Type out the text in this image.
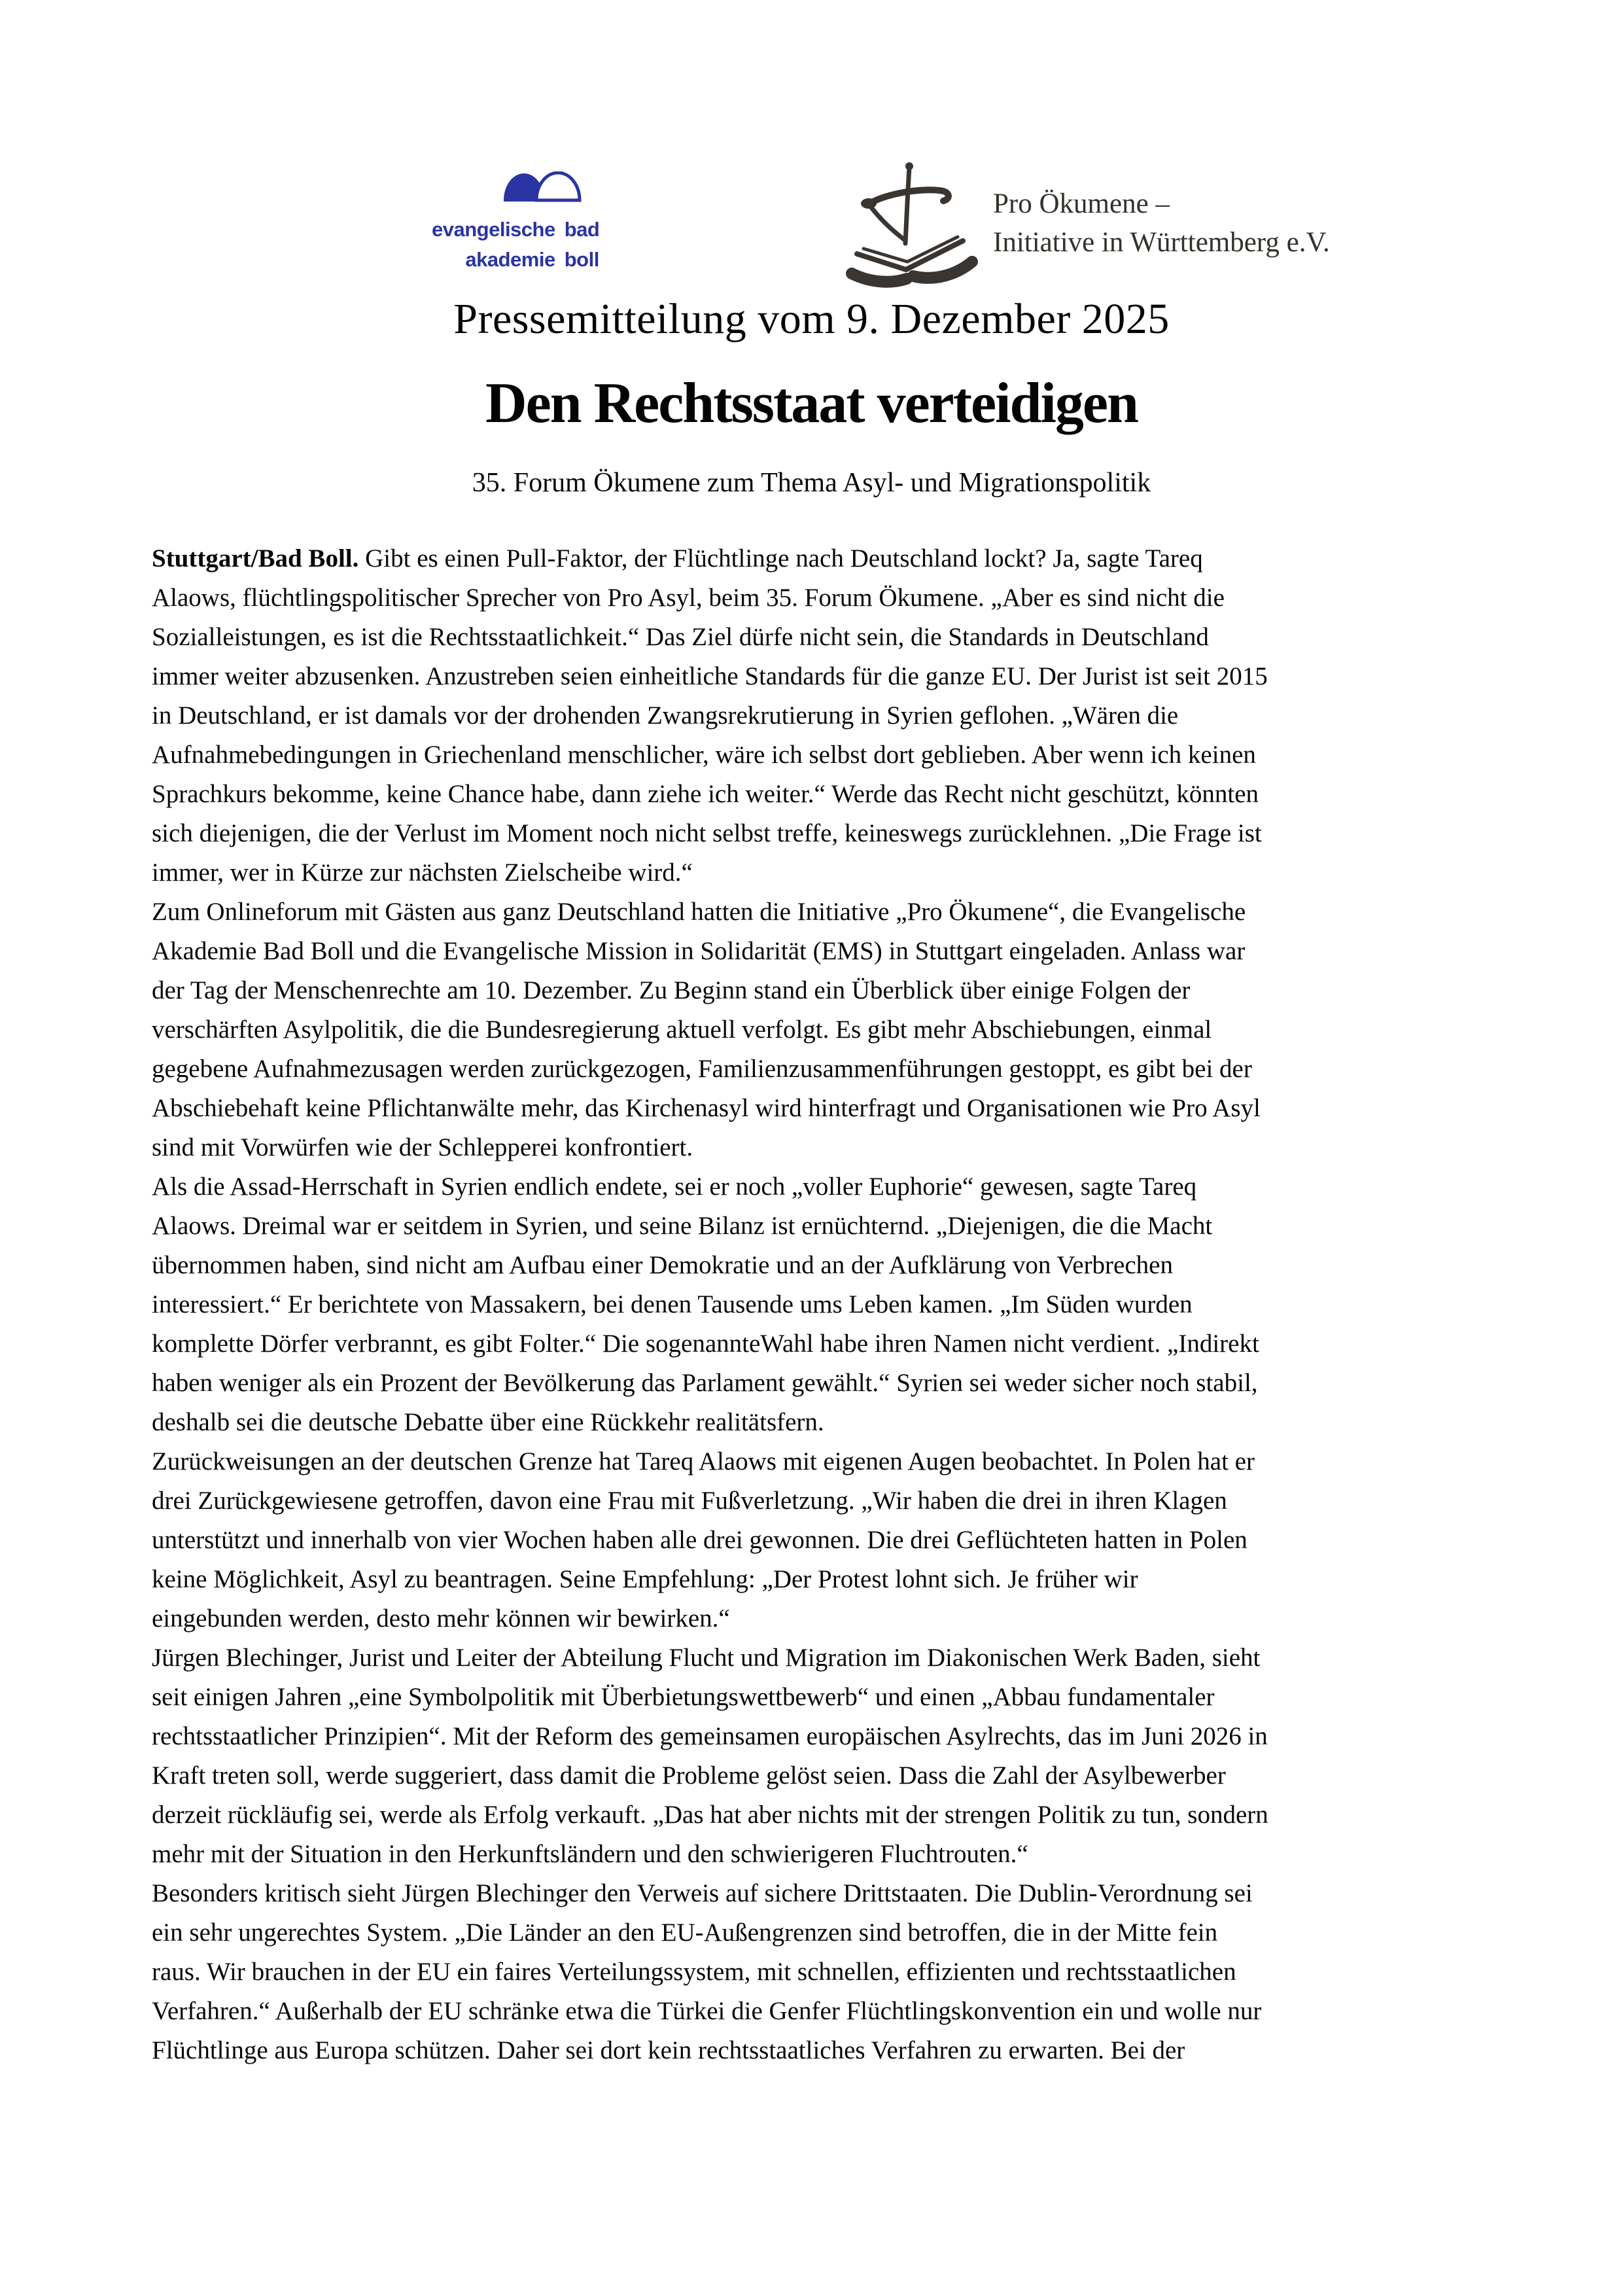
evangelische bad
akademie boll
Pro Ökumene –
Initiative in Württemberg e.V.
Pressemitteilung vom 9. Dezember 2025
Den Rechtsstaat verteidigen
35. Forum Ökumene zum Thema Asyl- und Migrationspolitik
Stuttgart/Bad Boll. Gibt es einen Pull-Faktor, der Flüchtlinge nach Deutschland lockt? Ja, sagte Tareq
Alaows, flüchtlingspolitischer Sprecher von Pro Asyl, beim 35. Forum Ökumene. „Aber es sind nicht die
Sozialleistungen, es ist die Rechtsstaatlichkeit.“ Das Ziel dürfe nicht sein, die Standards in Deutschland
immer weiter abzusenken. Anzustreben seien einheitliche Standards für die ganze EU. Der Jurist ist seit 2015
in Deutschland, er ist damals vor der drohenden Zwangsrekrutierung in Syrien geflohen. „Wären die
Aufnahmebedingungen in Griechenland menschlicher, wäre ich selbst dort geblieben. Aber wenn ich keinen
Sprachkurs bekomme, keine Chance habe, dann ziehe ich weiter.“ Werde das Recht nicht geschützt, könnten
sich diejenigen, die der Verlust im Moment noch nicht selbst treffe, keineswegs zurücklehnen. „Die Frage ist
immer, wer in Kürze zur nächsten Zielscheibe wird.“
Zum Onlineforum mit Gästen aus ganz Deutschland hatten die Initiative „Pro Ökumene“, die Evangelische
Akademie Bad Boll und die Evangelische Mission in Solidarität (EMS) in Stuttgart eingeladen. Anlass war
der Tag der Menschenrechte am 10. Dezember. Zu Beginn stand ein Überblick über einige Folgen der
verschärften Asylpolitik, die die Bundesregierung aktuell verfolgt. Es gibt mehr Abschiebungen, einmal
gegebene Aufnahmezusagen werden zurückgezogen, Familienzusammenführungen gestoppt, es gibt bei der
Abschiebehaft keine Pflichtanwälte mehr, das Kirchenasyl wird hinterfragt und Organisationen wie Pro Asyl
sind mit Vorwürfen wie der Schlepperei konfrontiert.
Als die Assad-Herrschaft in Syrien endlich endete, sei er noch „voller Euphorie“ gewesen, sagte Tareq
Alaows. Dreimal war er seitdem in Syrien, und seine Bilanz ist ernüchternd. „Diejenigen, die die Macht
übernommen haben, sind nicht am Aufbau einer Demokratie und an der Aufklärung von Verbrechen
interessiert.“ Er berichtete von Massakern, bei denen Tausende ums Leben kamen. „Im Süden wurden
komplette Dörfer verbrannt, es gibt Folter.“ Die sogenannteWahl habe ihren Namen nicht verdient. „Indirekt
haben weniger als ein Prozent der Bevölkerung das Parlament gewählt.“ Syrien sei weder sicher noch stabil,
deshalb sei die deutsche Debatte über eine Rückkehr realitätsfern.
Zurückweisungen an der deutschen Grenze hat Tareq Alaows mit eigenen Augen beobachtet. In Polen hat er
drei Zurückgewiesene getroffen, davon eine Frau mit Fußverletzung. „Wir haben die drei in ihren Klagen
unterstützt und innerhalb von vier Wochen haben alle drei gewonnen. Die drei Geflüchteten hatten in Polen
keine Möglichkeit, Asyl zu beantragen. Seine Empfehlung: „Der Protest lohnt sich. Je früher wir
eingebunden werden, desto mehr können wir bewirken.“
Jürgen Blechinger, Jurist und Leiter der Abteilung Flucht und Migration im Diakonischen Werk Baden, sieht
seit einigen Jahren „eine Symbolpolitik mit Überbietungswettbewerb“ und einen „Abbau fundamentaler
rechtsstaatlicher Prinzipien“. Mit der Reform des gemeinsamen europäischen Asylrechts, das im Juni 2026 in
Kraft treten soll, werde suggeriert, dass damit die Probleme gelöst seien. Dass die Zahl der Asylbewerber
derzeit rückläufig sei, werde als Erfolg verkauft. „Das hat aber nichts mit der strengen Politik zu tun, sondern
mehr mit der Situation in den Herkunftsländern und den schwierigeren Fluchtrouten.“
Besonders kritisch sieht Jürgen Blechinger den Verweis auf sichere Drittstaaten. Die Dublin-Verordnung sei
ein sehr ungerechtes System. „Die Länder an den EU-Außengrenzen sind betroffen, die in der Mitte fein
raus. Wir brauchen in der EU ein faires Verteilungssystem, mit schnellen, effizienten und rechtsstaatlichen
Verfahren.“ Außerhalb der EU schränke etwa die Türkei die Genfer Flüchtlingskonvention ein und wolle nur
Flüchtlinge aus Europa schützen. Daher sei dort kein rechtsstaatliches Verfahren zu erwarten. Bei der
